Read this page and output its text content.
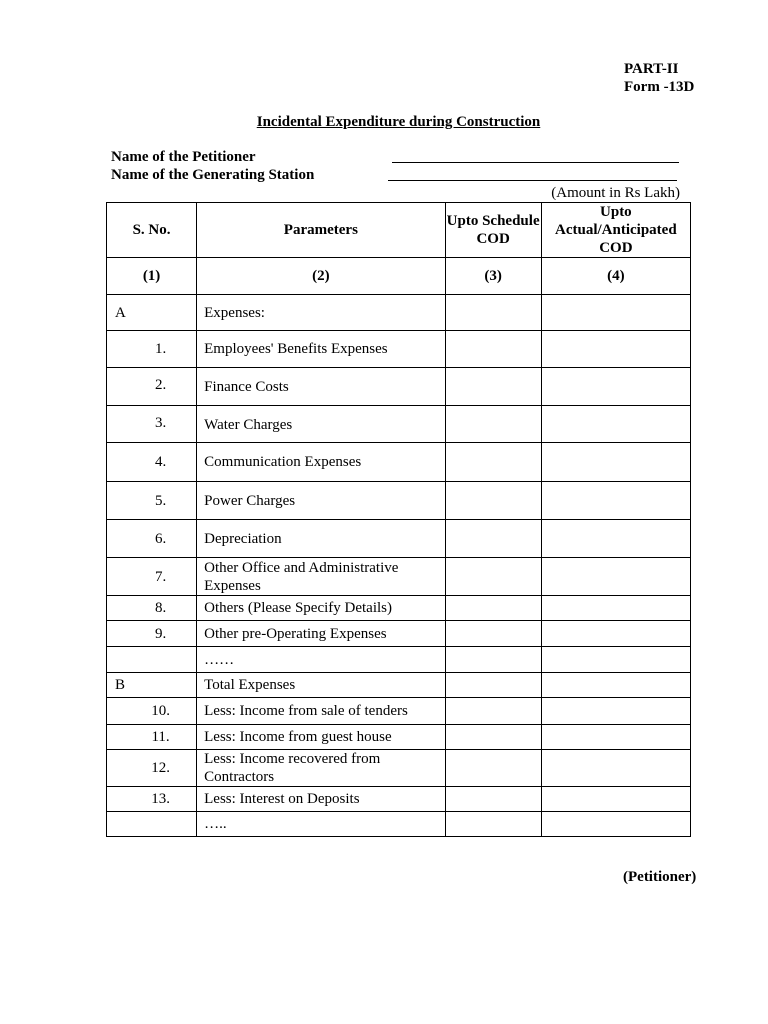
PART-II
Form -13D
Incidental Expenditure during Construction
Name of the Petitioner
Name of the Generating Station
(Amount in Rs Lakh)
S. No.	Parameters	Upto Schedule COD	Upto Actual/Anticipated COD
(1)	(2)	(3)	(4)
A	Expenses:		
1.	Employees' Benefits Expenses		
2.	Finance Costs		
3.	Water Charges		
4.	Communication Expenses		
5.	Power Charges		
6.	Depreciation		
7.	Other Office and Administrative Expenses		
8.	Others (Please Specify Details)		
9.	Other pre-Operating Expenses		
	……		
B	Total Expenses		
10.	Less: Income from sale of tenders		
11.	Less: Income from guest house		
12.	Less: Income recovered from Contractors		
13.	Less: Interest on Deposits		
	…..		
(Petitioner)
